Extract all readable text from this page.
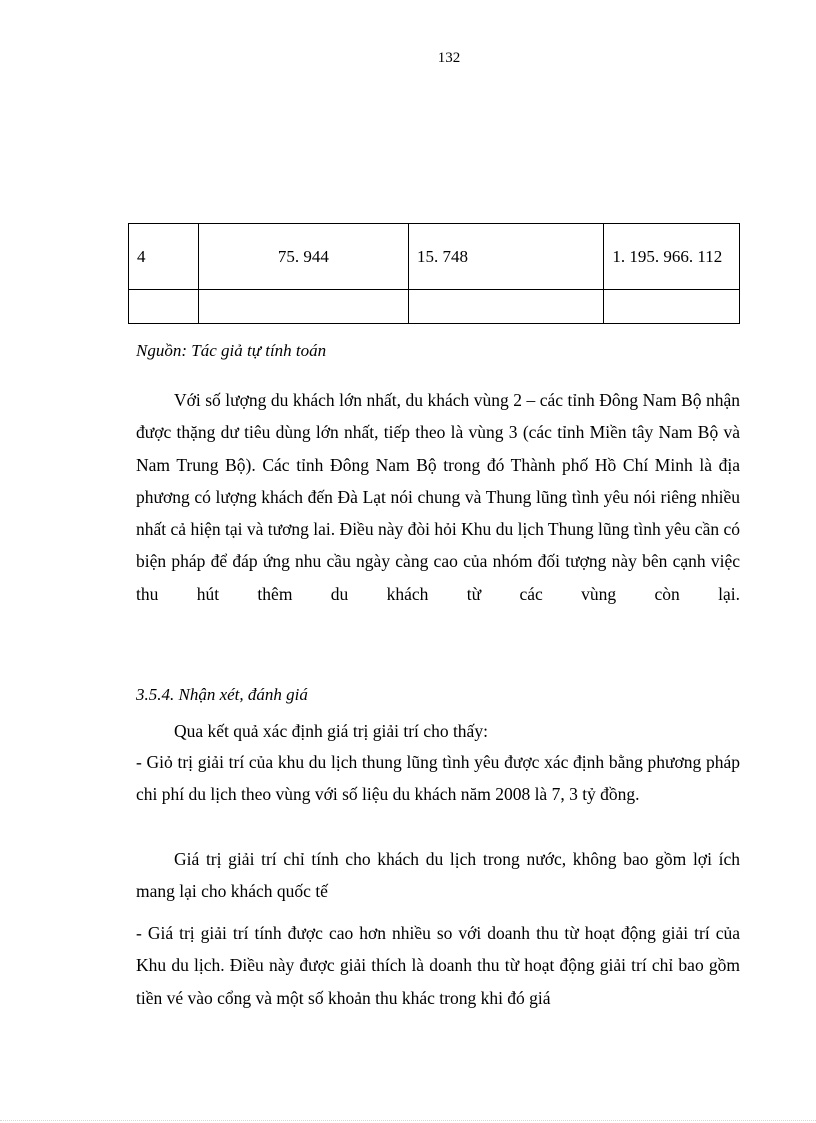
132
4	75. 944	15. 748	1. 195. 966. 112

Nguồn: Tác giả tự tính toán

Với số lượng du khách lớn nhất, du khách vùng 2 – các tỉnh Đông Nam Bộ nhận được thặng dư tiêu dùng lớn nhất, tiếp theo là vùng 3 (các tỉnh Miền tây Nam Bộ và Nam Trung Bộ). Các tỉnh Đông Nam Bộ trong đó Thành phố Hồ Chí Minh là địa phương có lượng khách đến Đà Lạt nói chung và Thung lũng tình yêu nói riêng nhiều nhất cả hiện tại và tương lai. Điều này đòi hỏi Khu du lịch Thung lũng tình yêu cần có biện pháp để đáp ứng nhu cầu ngày càng cao của nhóm đối tượng này bên cạnh việc thu hút thêm du khách từ các vùng còn lại.

3.5.4. Nhận xét, đánh giá

Qua kết quả xác định giá trị giải trí cho thấy:

- Giỏ trị giải trí của khu du lịch thung lũng tình yêu được xác định bằng phương pháp chi phí du lịch theo vùng với số liệu du khách năm 2008 là 7, 3 tỷ đồng.

Giá trị giải trí chỉ tính cho khách du lịch trong nước, không bao gồm lợi ích mang lại cho khách quốc tế

- Giá trị giải trí tính được cao hơn nhiều so với doanh thu từ hoạt động giải trí của Khu du lịch. Điều này được giải thích là doanh thu từ hoạt động giải trí chỉ bao gồm tiền vé vào cổng và một số khoản thu khác trong khi đó giá
